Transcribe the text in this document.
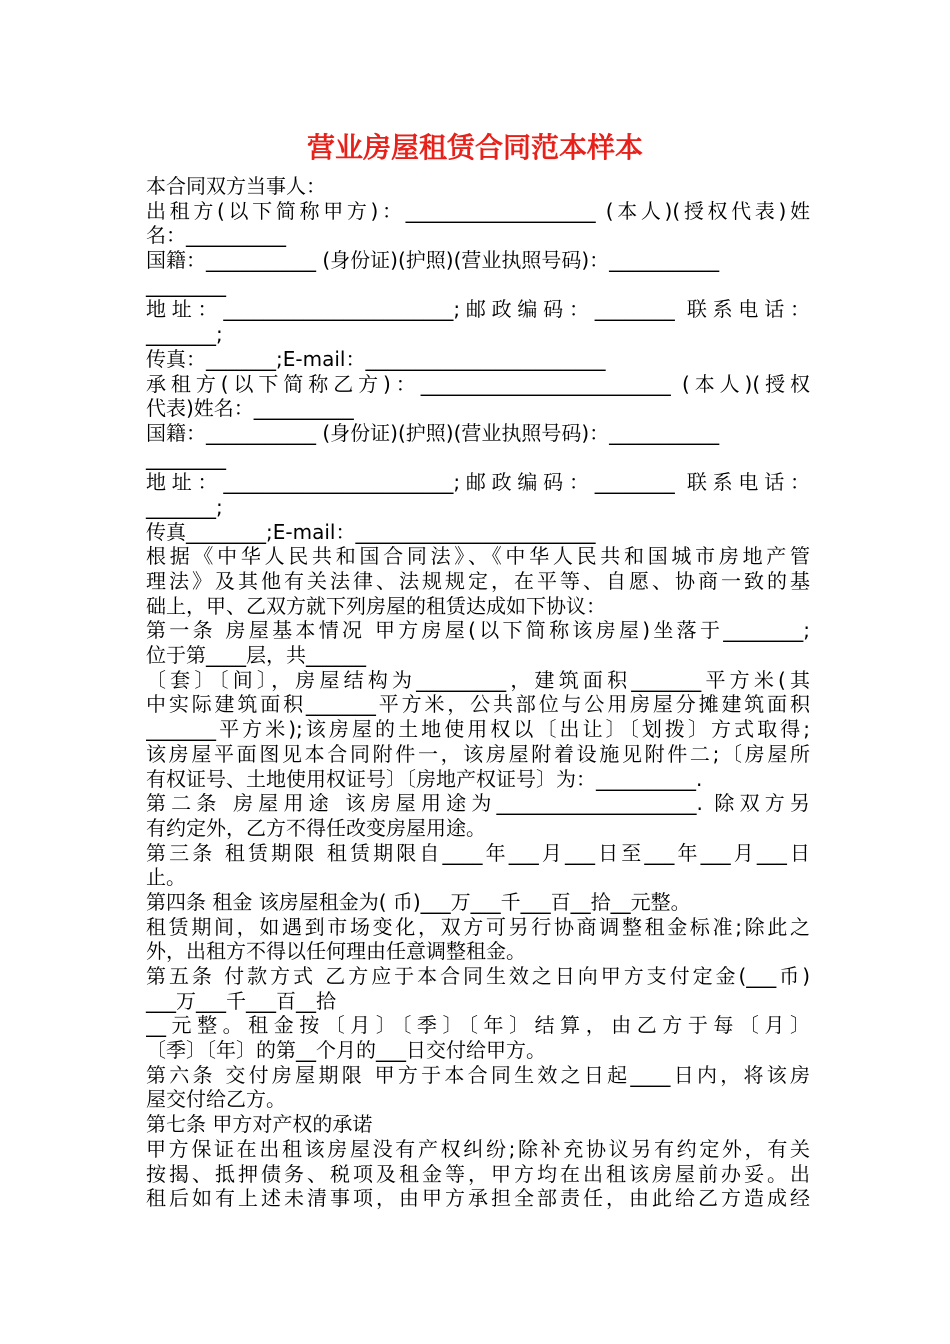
营业房屋租赁合同范本样本
本合同双方当事人：
出租方(以下简称甲方)：___________________ (本人)(授权代表)姓
名：__________
国籍：___________ (身份证)(护照)(营业执照号码)：___________
________
地址：_______________________;邮政编码：________ 联系电话：
_______;
传真：_______;E-mail：________________________
承租方(以下简称乙方)：_________________________ (本人)(授权
代表)姓名：__________
国籍：___________ (身份证)(护照)(营业执照号码)：___________
________
地址：_______________________;邮政编码：________ 联系电话：
_______;
传真________;E-mail：________________________
根据《中华人民共和国合同法》、《中华人民共和国城市房地产管
理法》及其他有关法律、法规规定，在平等、自愿、协商一致的基
础上，甲、乙双方就下列房屋的租赁达成如下协议：
第一条 房屋基本情况 甲方房屋(以下简称该房屋)坐落于________;
位于第____层，共______
〔套〕〔间〕，房屋结构为_________，建筑面积_______平方米(其
中实际建筑面积_______平方米，公共部位与公用房屋分摊建筑面积
_______平方米);该房屋的土地使用权以〔出让〕〔划拨〕方式取得;
该房屋平面图见本合同附件一，该房屋附着设施见附件二;〔房屋所
有权证号、土地使用权证号〕〔房地产权证号〕为：__________.
第二条 房屋用途 该房屋用途为____________________. 除双方另
有约定外，乙方不得任改变房屋用途。
第三条 租赁期限 租赁期限自____年___月___日至___年___月___日
止。
第四条 租金 该房屋租金为( 币)___万___千___百__拾__元整。
租赁期间，如遇到市场变化，双方可另行协商调整租金标准;除此之
外，出租方不得以任何理由任意调整租金。
第五条 付款方式 乙方应于本合同生效之日向甲方支付定金(___币)
___万___千___百__拾
__元整。租金按〔月〕〔季〕〔年〕结算，由乙方于每〔月〕
〔季〕〔年〕的第__个月的___日交付给甲方。
第六条 交付房屋期限 甲方于本合同生效之日起____日内，将该房
屋交付给乙方。
第七条 甲方对产权的承诺
甲方保证在出租该房屋没有产权纠纷;除补充协议另有约定外，有关
按揭、抵押债务、税项及租金等，甲方均在出租该房屋前办妥。出
租后如有上述未清事项，由甲方承担全部责任，由此给乙方造成经
